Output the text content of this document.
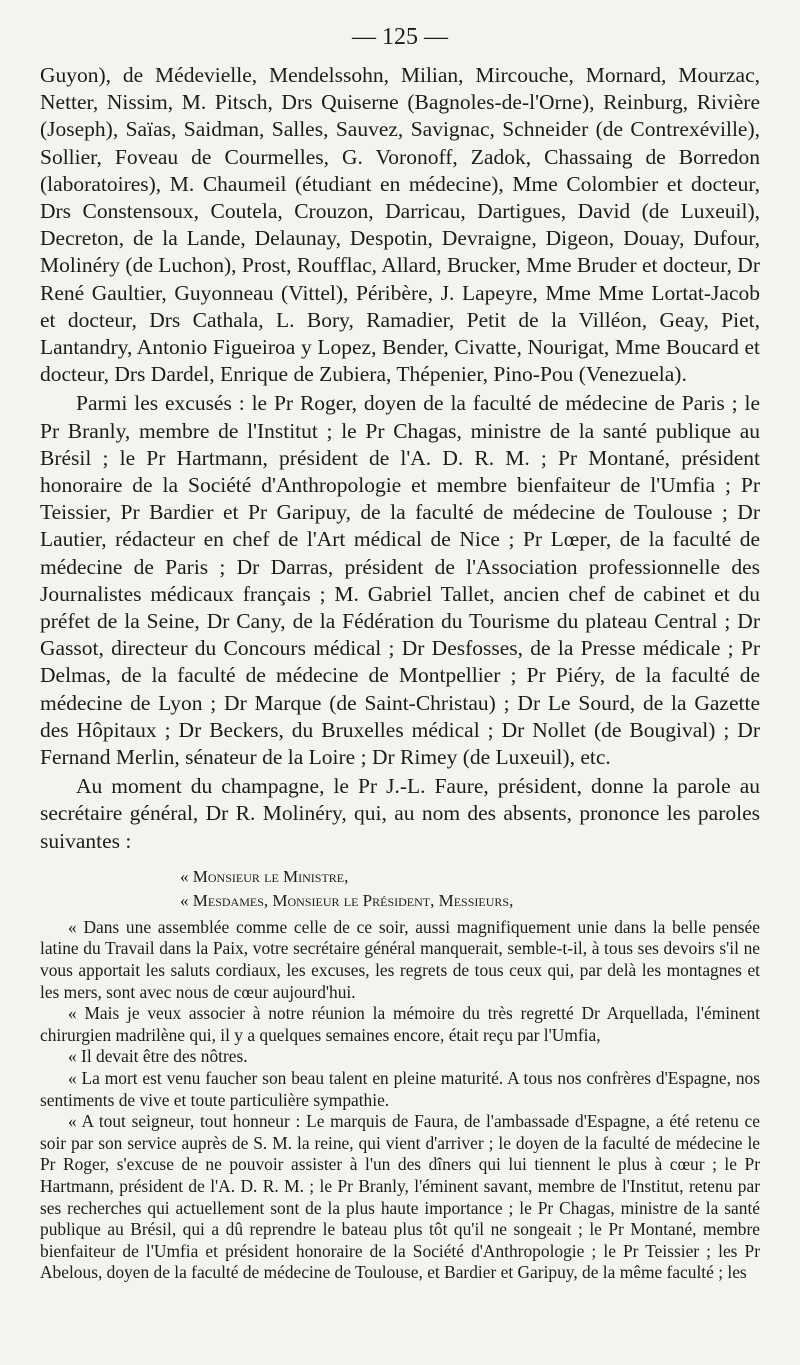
— 125 —

Guyon), de Médevielle, Mendelssohn, Milian, Mircouche, Mornard, Mourzac, Netter, Nissim, M. Pitsch, Drs Quiserne (Bagnoles-de-l'Orne), Reinburg, Rivière (Joseph), Saïas, Saidman, Salles, Sauvez, Savignac, Schneider (de Contrexéville), Sollier, Foveau de Courmelles, G. Voronoff, Zadok, Chassaing de Borredon (laboratoires), M. Chaumeil (étudiant en médecine), Mme Colombier et docteur, Drs Constensoux, Coutela, Crouzon, Darricau, Dartigues, David (de Luxeuil), Decreton, de la Lande, Delaunay, Despotin, Devraigne, Digeon, Douay, Dufour, Molinéry (de Luchon), Prost, Roufflac, Allard, Brucker, Mme Bruder et docteur, Dr René Gaultier, Guyonneau (Vittel), Péribère, J. Lapeyre, Mme Mme Lortat-Jacob et docteur, Drs Cathala, L. Bory, Ramadier, Petit de la Villéon, Geay, Piet, Lantandry, Antonio Figueiroa y Lopez, Bender, Civatte, Nourigat, Mme Boucard et docteur, Drs Dardel, Enrique de Zubiera, Thépenier, Pino-Pou (Venezuela).

Parmi les excusés : le Pr Roger, doyen de la faculté de médecine de Paris ; le Pr Branly, membre de l'Institut ; le Pr Chagas, ministre de la santé publique au Brésil ; le Pr Hartmann, président de l'A. D. R. M. ; Pr Montané, président honoraire de la Société d'Anthropologie et membre bienfaiteur de l'Umfia ; Pr Teissier, Pr Bardier et Pr Garipuy, de la faculté de médecine de Toulouse ; Dr Lautier, rédacteur en chef de l'Art médical de Nice ; Pr Lœper, de la faculté de médecine de Paris ; Dr Darras, président de l'Association professionnelle des Journalistes médicaux français ; M. Gabriel Tallet, ancien chef de cabinet et du préfet de la Seine, Dr Cany, de la Fédération du Tourisme du plateau Central ; Dr Gassot, directeur du Concours médical ; Dr Desfosses, de la Presse médicale ; Pr Delmas, de la faculté de médecine de Montpellier ; Pr Piéry, de la faculté de médecine de Lyon ; Dr Marque (de Saint-Christau) ; Dr Le Sourd, de la Gazette des Hôpitaux ; Dr Beckers, du Bruxelles médical ; Dr Nollet (de Bougival) ; Dr Fernand Merlin, sénateur de la Loire ; Dr Rimey (de Luxeuil), etc.

Au moment du champagne, le Pr J.-L. Faure, président, donne la parole au secrétaire général, Dr R. Molinéry, qui, au nom des absents, prononce les paroles suivantes :

« Monsieur le Ministre,

« Mesdames, Monsieur le Président, Messieurs,

« Dans une assemblée comme celle de ce soir, aussi magnifiquement unie dans la belle pensée latine du Travail dans la Paix, votre secrétaire général manquerait, semble-t-il, à tous ses devoirs s'il ne vous apportait les saluts cordiaux, les excuses, les regrets de tous ceux qui, par delà les montagnes et les mers, sont avec nous de cœur aujourd'hui.

« Mais je veux associer à notre réunion la mémoire du très regretté Dr Arquellada, l'éminent chirurgien madrilène qui, il y a quelques semaines encore, était reçu par l'Umfia,

« Il devait être des nôtres.

« La mort est venu faucher son beau talent en pleine maturité. A tous nos confrères d'Espagne, nos sentiments de vive et toute particulière sympathie.

« A tout seigneur, tout honneur : Le marquis de Faura, de l'ambassade d'Espagne, a été retenu ce soir par son service auprès de S. M. la reine, qui vient d'arriver ; le doyen de la faculté de médecine le Pr Roger, s'excuse de ne pouvoir assister à l'un des dîners qui lui tiennent le plus à cœur ; le Pr Hartmann, président de l'A. D. R. M. ; le Pr Branly, l'éminent savant, membre de l'Institut, retenu par ses recherches qui actuellement sont de la plus haute importance ; le Pr Chagas, ministre de la santé publique au Brésil, qui a dû reprendre le bateau plus tôt qu'il ne songeait ; le Pr Montané, membre bienfaiteur de l'Umfia et président honoraire de la Société d'Anthropologie ; le Pr Teissier ; les Pr Abelous, doyen de la faculté de médecine de Toulouse, et Bardier et Garipuy, de la même faculté ; les
